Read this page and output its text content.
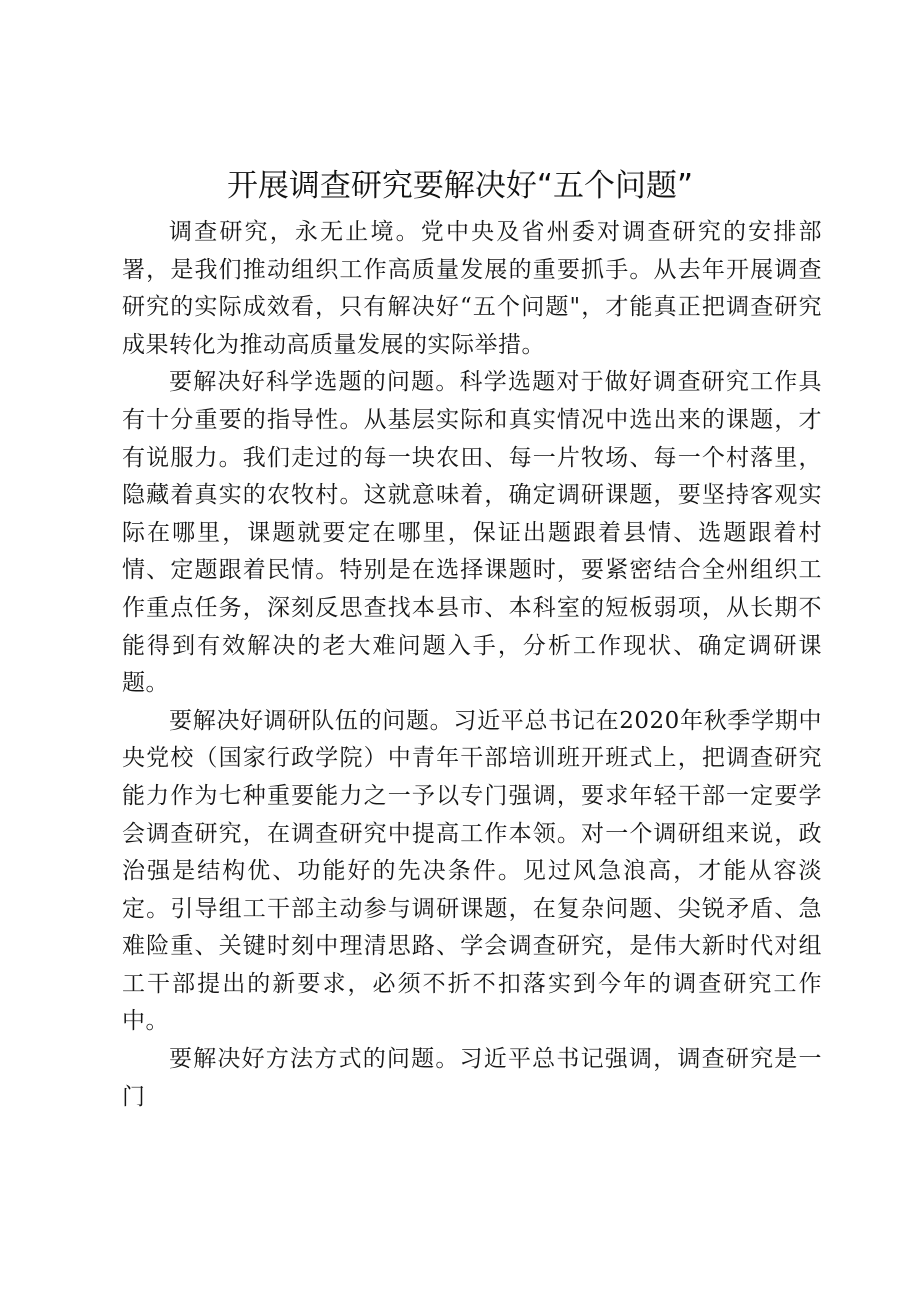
开展调查研究要解决好“五个问题”

调查研究，永无止境。党中央及省州委对调查研究的安排部署，是我们推动组织工作高质量发展的重要抓手。从去年开展调查研究的实际成效看，只有解决好“五个问题"，才能真正把调查研究成果转化为推动高质量发展的实际举措。

要解决好科学选题的问题。科学选题对于做好调查研究工作具有十分重要的指导性。从基层实际和真实情况中选出来的课题，才有说服力。我们走过的每一块农田、每一片牧场、每一个村落里，隐藏着真实的农牧村。这就意味着，确定调研课题，要坚持客观实际在哪里，课题就要定在哪里，保证出题跟着县情、选题跟着村情、定题跟着民情。特别是在选择课题时，要紧密结合全州组织工作重点任务，深刻反思查找本县市、本科室的短板弱项，从长期不能得到有效解决的老大难问题入手，分析工作现状、确定调研课题。

要解决好调研队伍的问题。习近平总书记在2020年秋季学期中央党校（国家行政学院）中青年干部培训班开班式上，把调查研究能力作为七种重要能力之一予以专门强调，要求年轻干部一定要学会调查研究，在调查研究中提高工作本领。对一个调研组来说，政治强是结构优、功能好的先决条件。见过风急浪高，才能从容淡定。引导组工干部主动参与调研课题，在复杂问题、尖锐矛盾、急难险重、关键时刻中理清思路、学会调查研究，是伟大新时代对组工干部提出的新要求，必须不折不扣落实到今年的调查研究工作中。

要解决好方法方式的问题。习近平总书记强调，调查研究是一门
